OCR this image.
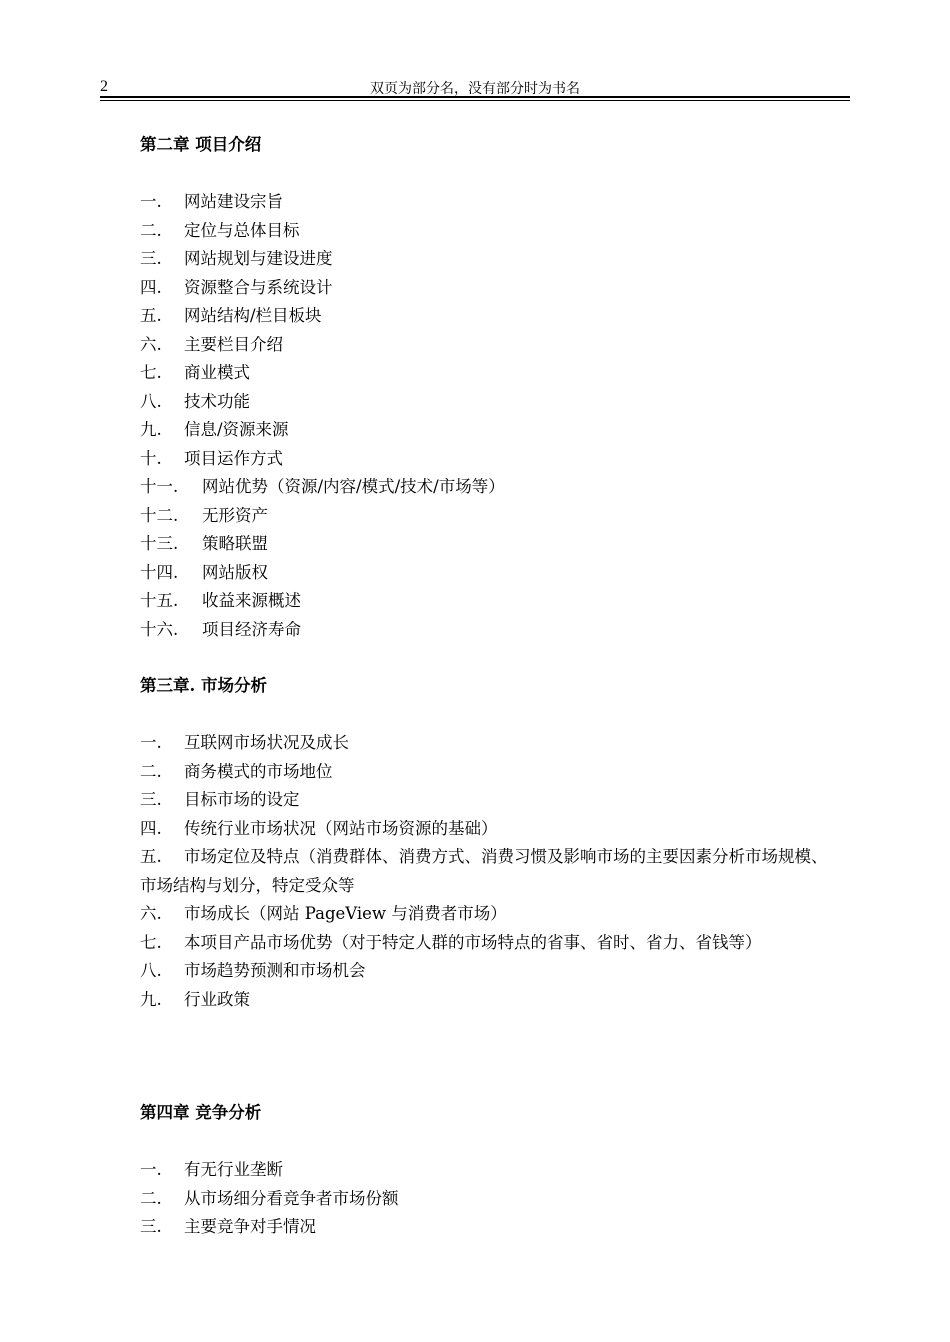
2	双页为部分名，没有部分时为书名
第二章 项目介绍
一. 网站建设宗旨
二. 定位与总体目标
三. 网站规划与建设进度
四. 资源整合与系统设计
五. 网站结构/栏目板块
六. 主要栏目介绍
七. 商业模式
八. 技术功能
九. 信息/资源来源
十. 项目运作方式
十一. 网站优势（资源/内容/模式/技术/市场等）
十二. 无形资产
十三. 策略联盟
十四. 网站版权
十五. 收益来源概述
十六. 项目经济寿命
第三章. 市场分析
一. 互联网市场状况及成长
二. 商务模式的市场地位
三. 目标市场的设定
四. 传统行业市场状况（网站市场资源的基础）
五. 市场定位及特点（消费群体、消费方式、消费习惯及影响市场的主要因素分析市场规模、市场结构与划分，特定受众等
六. 市场成长（网站 PageView 与消费者市场）
七. 本项目产品市场优势（对于特定人群的市场特点的省事、省时、省力、省钱等）
八. 市场趋势预测和市场机会
九. 行业政策
第四章 竞争分析
一. 有无行业垄断
二. 从市场细分看竞争者市场份额
三. 主要竞争对手情况
